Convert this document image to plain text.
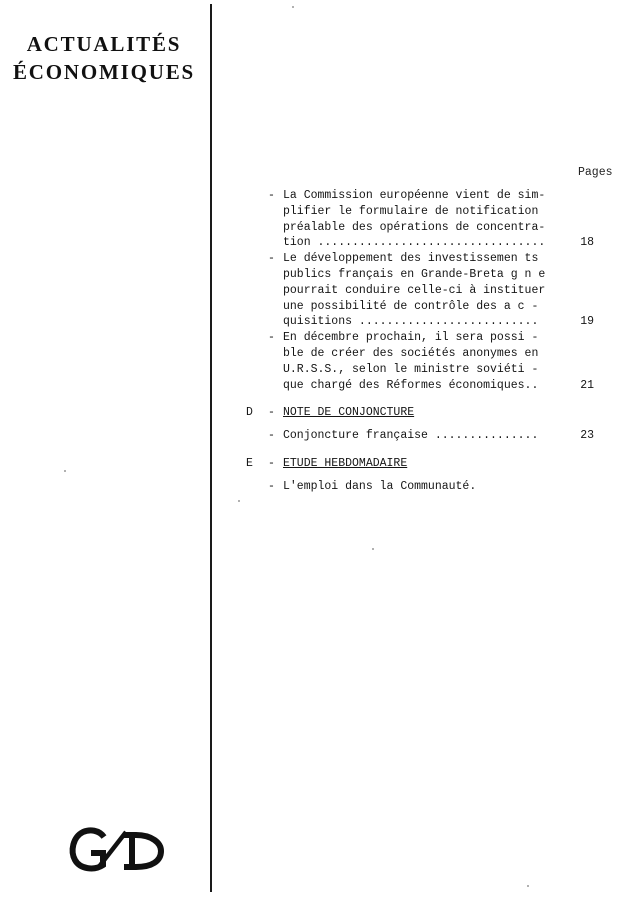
ACTUALITÉS
ÉCONOMIQUES
Pages
- La Commission européenne vient de sim-
plifier le formulaire de notification
préalable des opérations de concentra-
tion .................................	18
- Le développement des investissemen ts
publics français en Grande-Breta g n e
pourrait conduire celle-ci à instituer
une possibilité de contrôle des a c -
quisitions ..........................	19
- En décembre prochain, il sera possi -
ble de créer des sociétés anonymes en
U.R.S.S., selon le ministre soviéti -
que chargé des Réformes économiques..	21
D - NOTE DE CONJONCTURE
- Conjoncture française ...............	23
E - ETUDE HEBDOMADAIRE
- L'emploi dans la Communauté.
